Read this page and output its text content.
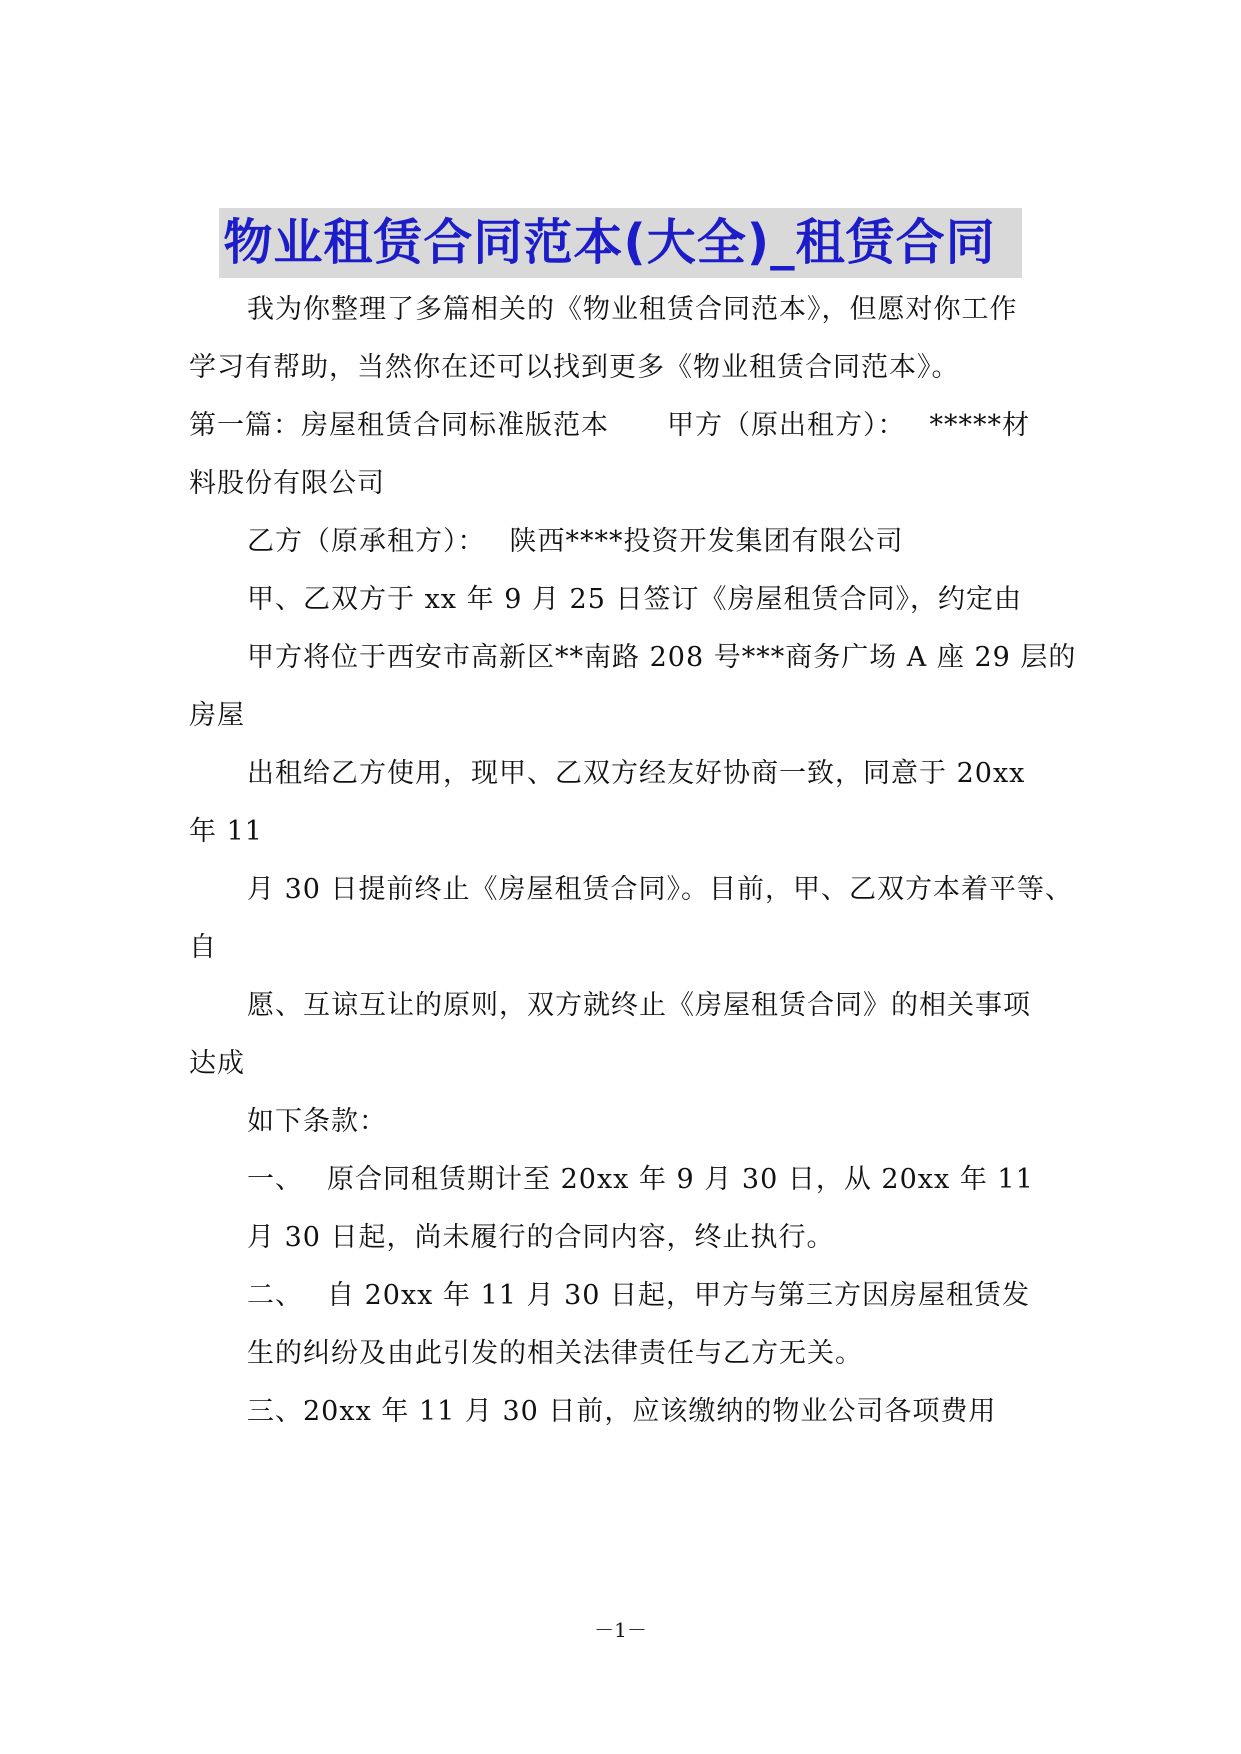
物业租赁合同范本(大全)_租赁合同
我为你整理了多篇相关的《物业租赁合同范本》，但愿对你工作
学习有帮助，当然你在还可以找到更多《物业租赁合同范本》。
第一篇：房屋租赁合同标准版范本 甲方（原出租方）： *****材
料股份有限公司
乙方（原承租方）： 陕西****投资开发集团有限公司
甲、乙双方于 xx 年 9 月 25 日签订《房屋租赁合同》，约定由
甲方将位于西安市高新区**南路 208 号***商务广场 A 座 29 层的
房屋
出租给乙方使用，现甲、乙双方经友好协商一致，同意于 20xx
年 11
月 30 日提前终止《房屋租赁合同》。目前，甲、乙双方本着平等、
自
愿、互谅互让的原则，双方就终止《房屋租赁合同》的相关事项
达成
如下条款：
一、 原合同租赁期计至 20xx 年 9 月 30 日，从 20xx 年 11
月 30 日起，尚未履行的合同内容，终止执行。
二、 自 20xx 年 11 月 30 日起，甲方与第三方因房屋租赁发
生的纠纷及由此引发的相关法律责任与乙方无关。
三、20xx 年 11 月 30 日前，应该缴纳的物业公司各项费用
－1－
